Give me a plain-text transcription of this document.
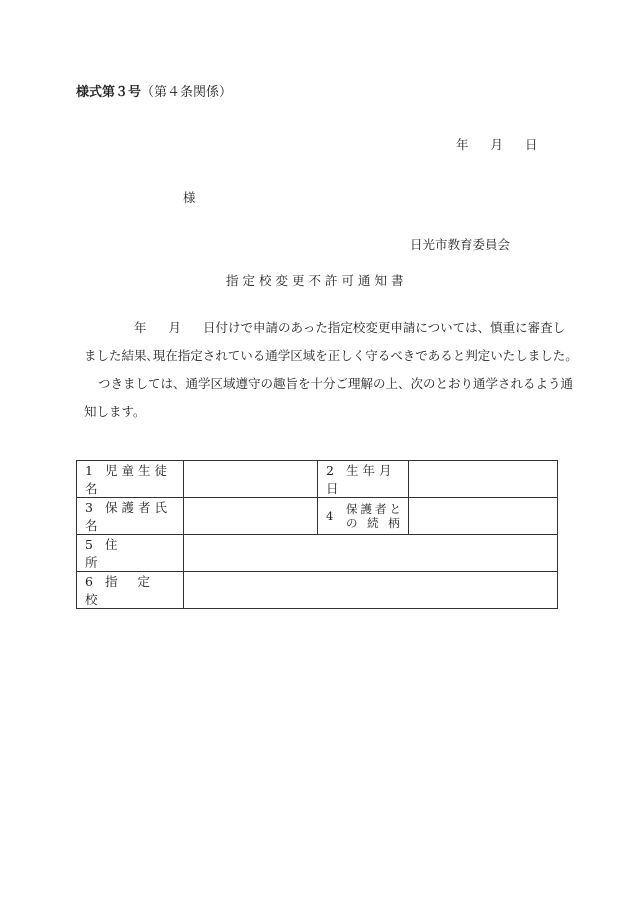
様式第３号（第４条関係）
年 月 日
様
日光市教育委員会
指定校変更不許可通知書
年 月 日付けで申請のあった指定校変更申請については、慎重に審査し
ました結果､現在指定されている通学区域を正しく守るべきであると判定いたしました。
つきましては、通学区域遵守の趣旨を十分ご理解の上、次のとおり通学されるよう通
知します。
1 児童生徒名		2 生年月日	
3 保護者氏名		4 保護者と
の 続 柄	
5 住所			
6 指定校			
